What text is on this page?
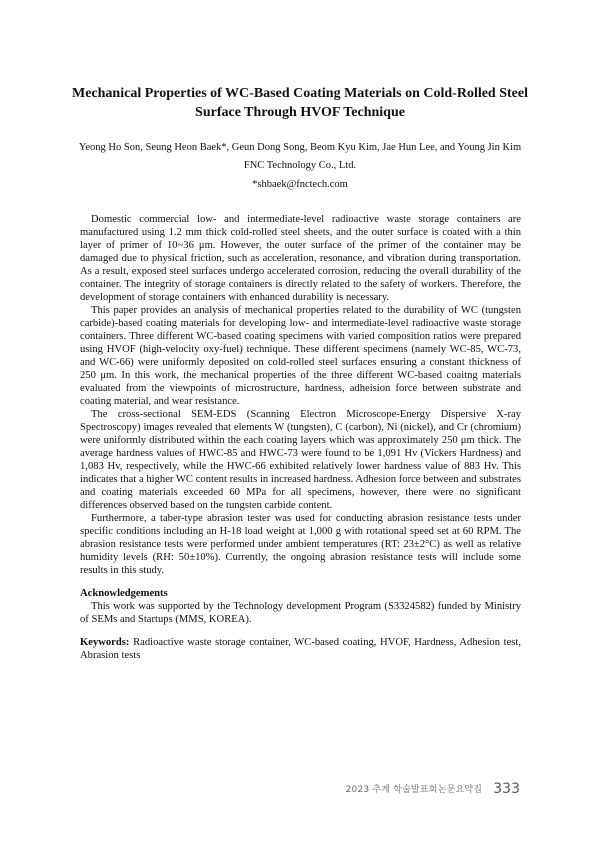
Mechanical Properties of WC-Based Coating Materials on Cold-Rolled Steel Surface Through HVOF Technique
Yeong Ho Son, Seung Heon Baek*, Geun Dong Song, Beom Kyu Kim, Jae Hun Lee, and Young Jin Kim
FNC Technology Co., Ltd.
*shbaek@fnctech.com

Domestic commercial low- and intermediate-level radioactive waste storage containers are manufactured using 1.2 mm thick cold-rolled steel sheets, and the outer surface is coated with a thin layer of primer of 10~36 μm. However, the outer surface of the primer of the container may be damaged due to physical friction, such as acceleration, resonance, and vibration during transportation. As a result, exposed steel surfaces undergo accelerated corrosion, reducing the overall durability of the container. The integrity of storage containers is directly related to the safety of workers. Therefore, the development of storage containers with enhanced durability is necessary.

This paper provides an analysis of mechanical properties related to the durability of WC (tungsten carbide)-based coating materials for developing low- and intermediate-level radioactive waste storage containers. Three different WC-based coating specimens with varied composition ratios were prepared using HVOF (high-velocity oxy-fuel) technique. These different specimens (namely WC-85, WC-73, and WC-66) were uniformly deposited on cold-rolled steel surfaces ensuring a constant thickness of 250 μm. In this work, the mechanical properties of the three different WC-based coaitng materials evaluated from the viewpoints of microstructure, hardness, adheision force between substrate and coating material, and wear resistance.

The cross-sectional SEM-EDS (Scanning Electron Microscope-Energy Dispersive X-ray Spectroscopy) images revealed that elements W (tungsten), C (carbon), Ni (nickel), and Cr (chromium) were uniformly distributed within the each coating layers which was approximately 250 μm thick. The average hardness values of HWC-85 and HWC-73 were found to be 1,091 Hv (Vickers Hardness) and 1,083 Hv, respectively, while the HWC-66 exhibited relatively lower hardness value of 883 Hv. This indicates that a higher WC content results in increased hardness. Adhesion force between and substrates and coating materials exceeded 60 MPa for all specimens, however, there were no significant differences observed based on the tungsten carbide content.

Furthermore, a taber-type abrasion tester was used for conducting abrasion resistance tests under specific conditions including an H-18 load weight at 1,000 g with rotational speed set at 60 RPM. The abrasion resistance tests were performed under ambient temperatures (RT: 23±2°C) as well as relative humidity levels (RH: 50±10%). Currently, the ongoing abrasion resistance tests will include some results in this study.

Acknowledgements

This work was supported by the Technology development Program (S3324582) funded by Ministry of SEMs and Startups (MMS, KOREA).

Keywords: Radioactive waste storage container, WC-based coating, HVOF, Hardness, Adhesion test, Abrasion tests

2023 추계 학술발표회논문요약집 333
